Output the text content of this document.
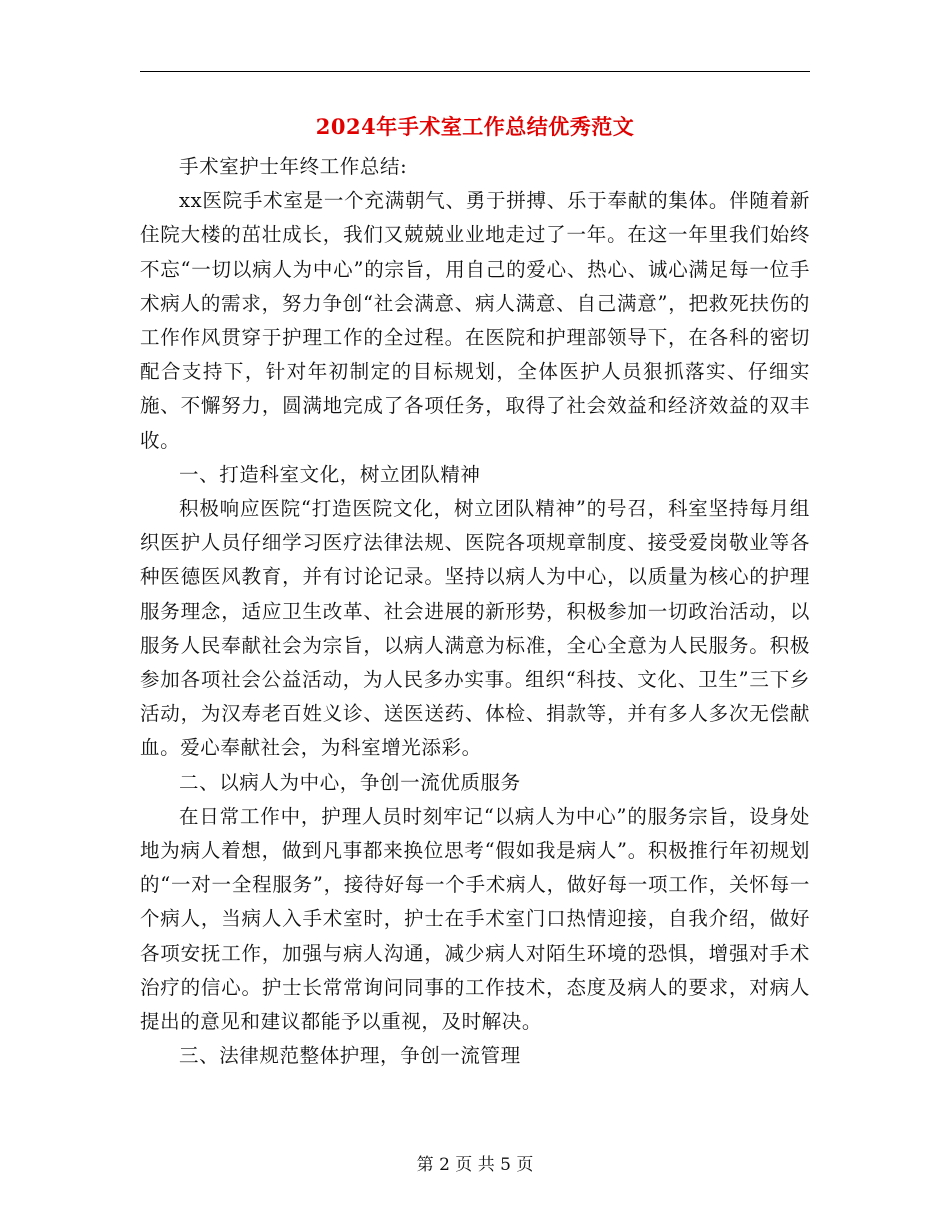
2024年手术室工作总结优秀范文

手术室护士年终工作总结:

xx医院手术室是一个充满朝气、勇于拼搏、乐于奉献的集体。伴随着新住院大楼的茁壮成长，我们又兢兢业业地走过了一年。在这一年里我们始终不忘“一切以病人为中心”的宗旨，用自己的爱心、热心、诚心满足每一位手术病人的需求，努力争创“社会满意、病人满意、自己满意”，把救死扶伤的工作作风贯穿于护理工作的全过程。在医院和护理部领导下，在各科的密切配合支持下，针对年初制定的目标规划，全体医护人员狠抓落实、仔细实施、不懈努力，圆满地完成了各项任务，取得了社会效益和经济效益的双丰收。

一、打造科室文化，树立团队精神

积极响应医院“打造医院文化，树立团队精神”的号召，科室坚持每月组织医护人员仔细学习医疗法律法规、医院各项规章制度、接受爱岗敬业等各种医德医风教育，并有讨论记录。坚持以病人为中心，以质量为核心的护理服务理念，适应卫生改革、社会进展的新形势，积极参加一切政治活动，以服务人民奉献社会为宗旨，以病人满意为标准，全心全意为人民服务。积极参加各项社会公益活动，为人民多办实事。组织“科技、文化、卫生”三下乡活动，为汉寿老百姓义诊、送医送药、体检、捐款等，并有多人多次无偿献血。爱心奉献社会，为科室增光添彩。

二、以病人为中心，争创一流优质服务

在日常工作中，护理人员时刻牢记“以病人为中心”的服务宗旨，设身处地为病人着想，做到凡事都来换位思考“假如我是病人”。积极推行年初规划的“一对一全程服务”，接待好每一个手术病人，做好每一项工作，关怀每一个病人，当病人入手术室时，护士在手术室门口热情迎接，自我介绍，做好各项安抚工作，加强与病人沟通，减少病人对陌生环境的恐惧，增强对手术治疗的信心。护士长常常询问同事的工作技术，态度及病人的要求，对病人提出的意见和建议都能予以重视，及时解决。

三、法律规范整体护理，争创一流管理

第 2 页 共 5 页
